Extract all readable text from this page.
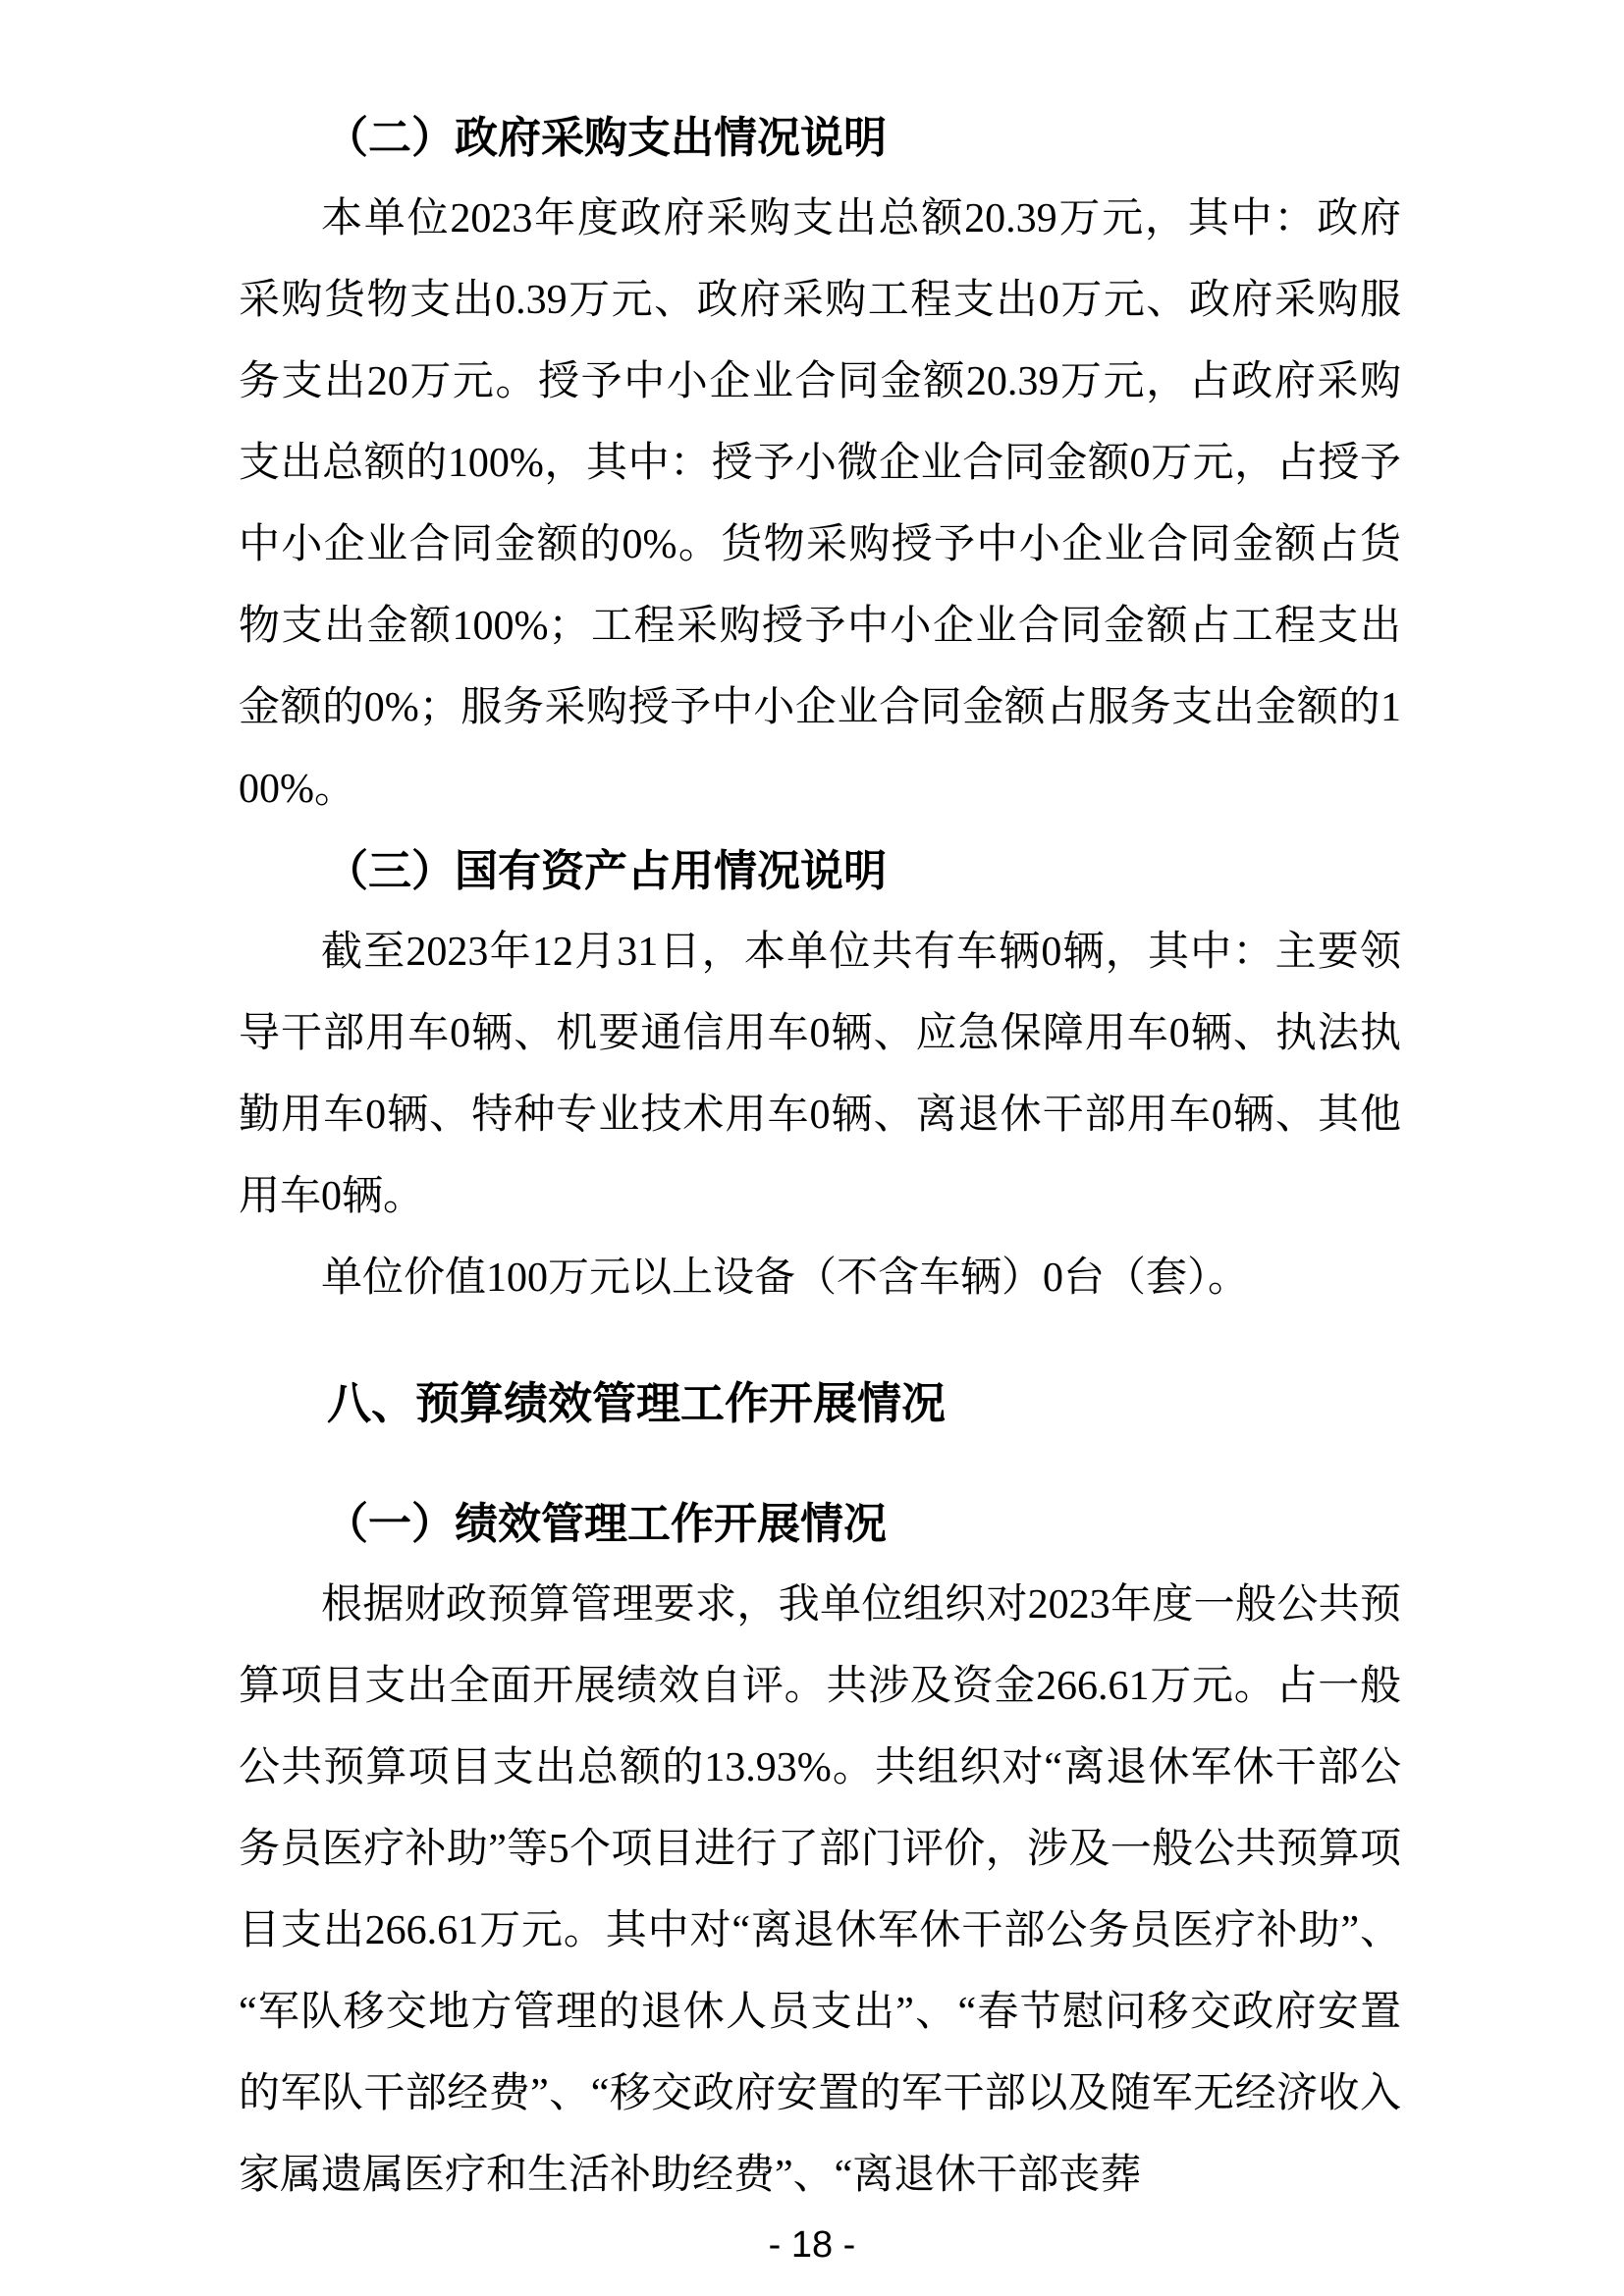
（二）政府采购支出情况说明

本单位2023年度政府采购支出总额20.39万元，其中：政府采购货物支出0.39万元、政府采购工程支出0万元、政府采购服务支出20万元。授予中小企业合同金额20.39万元，占政府采购支出总额的100%，其中：授予小微企业合同金额0万元，占授予中小企业合同金额的0%。货物采购授予中小企业合同金额占货物支出金额100%；工程采购授予中小企业合同金额占工程支出金额的0%；服务采购授予中小企业合同金额占服务支出金额的100%。

（三）国有资产占用情况说明

截至2023年12月31日，本单位共有车辆0辆，其中：主要领导干部用车0辆、机要通信用车0辆、应急保障用车0辆、执法执勤用车0辆、特种专业技术用车0辆、离退休干部用车0辆、其他用车0辆。

单位价值100万元以上设备（不含车辆）0台（套）。

八、预算绩效管理工作开展情况
（一）绩效管理工作开展情况

根据财政预算管理要求，我单位组织对2023年度一般公共预算项目支出全面开展绩效自评。共涉及资金266.61万元。占一般公共预算项目支出总额的13.93%。共组织对“离退休军休干部公务员医疗补助”等5个项目进行了部门评价，涉及一般公共预算项目支出266.61万元。其中对“离退休军休干部公务员医疗补助”、“军队移交地方管理的退休人员支出”、“春节慰问移交政府安置的军队干部经费”、“移交政府安置的军干部以及随军无经济收入家属遗属医疗和生活补助经费”、“离退休干部丧葬

- 18 -
